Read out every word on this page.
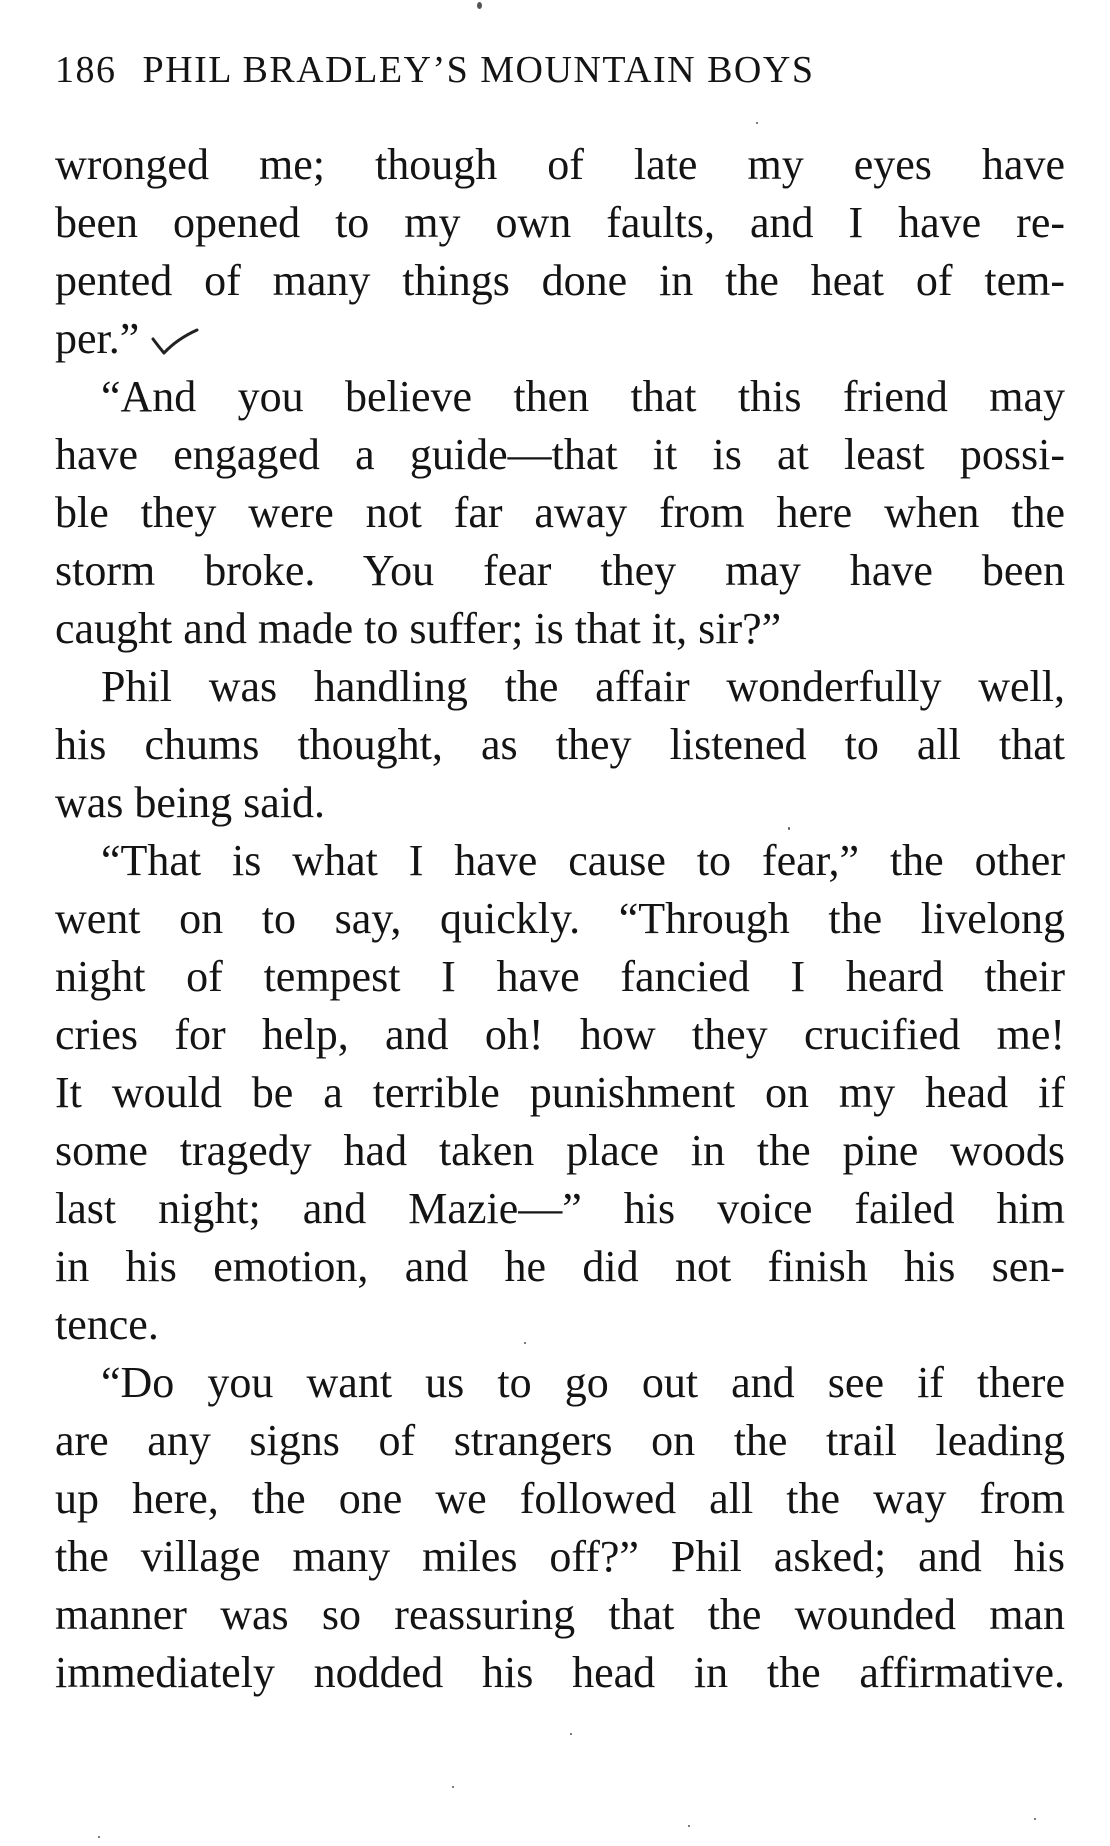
186 PHIL BRADLEY’S MOUNTAIN BOYS
wronged me; though of late my eyes have
been opened to my own faults, and I have re-
pented of many things done in the heat of tem-
per.”
“And you believe then that this friend may
have engaged a guide—that it is at least possi-
ble they were not far away from here when the
storm broke. You fear they may have been
caught and made to suffer; is that it, sir?”
Phil was handling the affair wonderfully well,
his chums thought, as they listened to all that
was being said.
“That is what I have cause to fear,” the other
went on to say, quickly. “Through the livelong
night of tempest I have fancied I heard their
cries for help, and oh! how they crucified me!
It would be a terrible punishment on my head if
some tragedy had taken place in the pine woods
last night; and Mazie—” his voice failed him
in his emotion, and he did not finish his sen-
tence.
“Do you want us to go out and see if there
are any signs of strangers on the trail leading
up here, the one we followed all the way from
the village many miles off?” Phil asked; and his
manner was so reassuring that the wounded man
immediately nodded his head in the affirmative.
